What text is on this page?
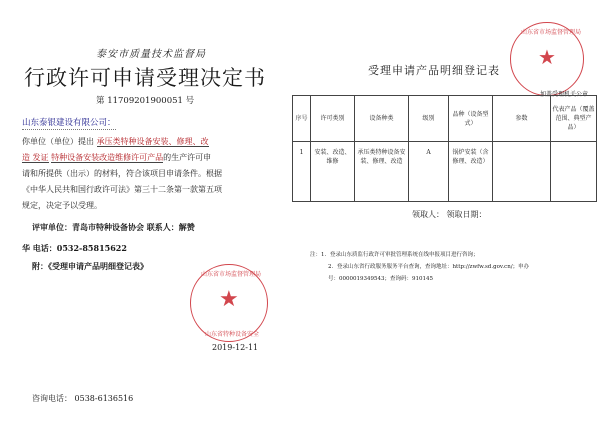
泰安市质量技术监督局
行政许可申请受理决定书
第 11709201900051 号
山东泰银建设有限公司：
你单位（单位）提出 承压类特种设备安装、修理、改
造 发证 特种设备安装改造维修许可产品的生产许可申
请和所提供（出示）的材料，符合该项目申请条件。根据
《中华人民共和国行政许可法》第三十二条第一款第五项
规定，决定予以受理。
评审单位：青岛市特种设备协会 联系人：解赞
华 电话：0532-85815622
附：《受理申请产品明细登记表》
山东省市场监督管理局
山东省特种设备安全
★
2019-12-11
咨询电话： 0538-6136516
山东省市场监督管理局
★
受理申请产品明细登记表
加盖受理机关公章
序号	许可类别	设备种类	级别	品种（设备型式）	参数	代表产品（覆盖范围、典型产品）
1	安装、改造、维修	承压类特种设备安装、修理、改造	A	锅炉安装（含修理、改造）		
领取人： 领取日期：
注：1．登录山东质监行政许可审批管理系统在线申报项目进行咨询；
2．登录山东省行政服务服务平台查询，查询地址：http://zwfw.sd.gov.cn/；申办
号：0000019349543；查询码：910145
